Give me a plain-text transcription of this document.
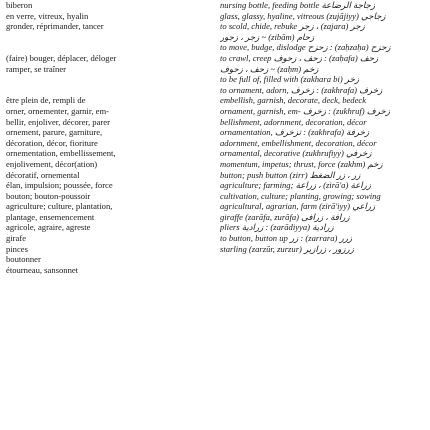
biberon
en verre, vitreux, hyalin
gronder, réprimander, tancer
(faire) bouger, déplacer, déloger
ramper, se traîner
être plein de, rempli de
orner, ornementer, garnir, em-
bellir, enjoliver, décorer, parer
ornement, parure, garniture,
décoration, décor, fioriture
ornementation, embellissement,
enjolivement, décor(ation)
décoratif, ornemental
élan, impulsion; poussée, force
bouton; bouton-poussoir
agriculture; culture, plantation,
plantage, ensemencement
agricole, agraire, agreste
girafe
pinces
boutonner
étourneau, sansonnet
nursing bottle, feeding bottle زجاجة الرضاعة
glass, glassy, hyaline, vitreous (zujājiyy) زجاجي
to scold, chide, rebuke زجر ، (zajara) زجر
زجر ، زجور ~ (zibām) زحام
to move, budge, dislodge زحزح : (zaḥzaḥa) زحزح
to crawl, creep زحف ، زحوف : (zaḥafa) زحف
زحف ، زحوف ~ (zaḥm) زخم
to be full of, filled with (zakhara bi) زخر
to ornament, adorn, زخرف : (zakhrafa) زخرف
embellish, garnish, decorate, deck, bedeck
ornament, garnish, em- زخرف : (zukhruf) زخرف
bellishment, adornment, decoration, décor
ornamentation, تزخرف : (zakhrafa) زخرفة
adornment, embellishment, decoration, décor
ornamental, decorative (zukhrufiyy) زخرفي
momentum, impetus; thrust, force (zakhm) زخم
button; push button (zirr) زر ، زر الضغط
agriculture; farming; زراعة ، (zirā'a) زراعة
cultivation, culture; planting, growing; sowing
agricultural, agrarian, farm (zirā'iyy) زراعي
giraffe (zarāfa, zurāfa) زرافة ، زرافى
pliers زرادية : (zarādiyya) زرادية
to button, button up زر : (zarrara) زرر
starling (zarzūr, zurzur) زرزور ، زرازير
